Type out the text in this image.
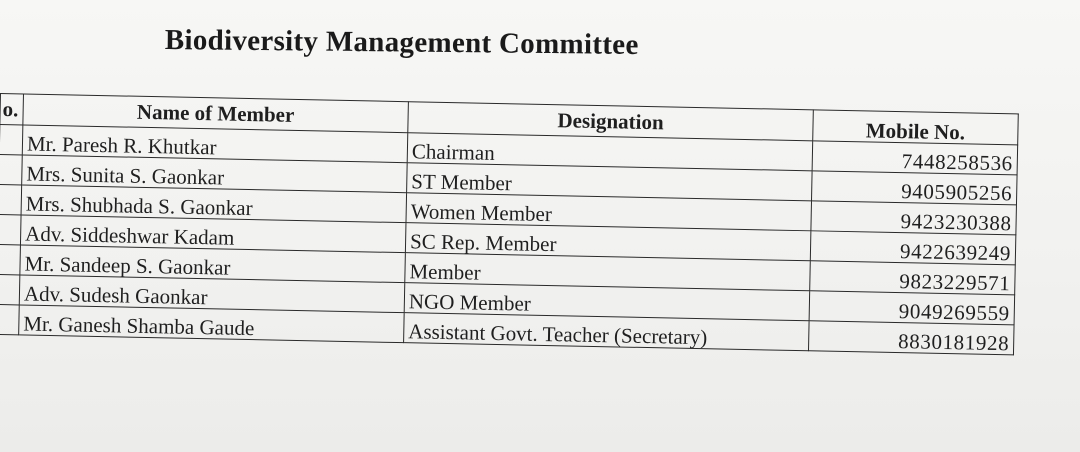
Biodiversity Management Committee
o.	Name of Member	Designation	Mobile No.
	Mr. Paresh R. Khutkar	Chairman	7448258536
	Mrs. Sunita S. Gaonkar	ST Member	9405905256
	Mrs. Shubhada S. Gaonkar	Women Member	9423230388
	Adv. Siddeshwar Kadam	SC Rep. Member	9422639249
	Mr. Sandeep S. Gaonkar	Member	9823229571
	Adv. Sudesh Gaonkar	NGO Member	9049269559
	Mr. Ganesh Shamba Gaude	Assistant Govt. Teacher (Secretary)	8830181928
